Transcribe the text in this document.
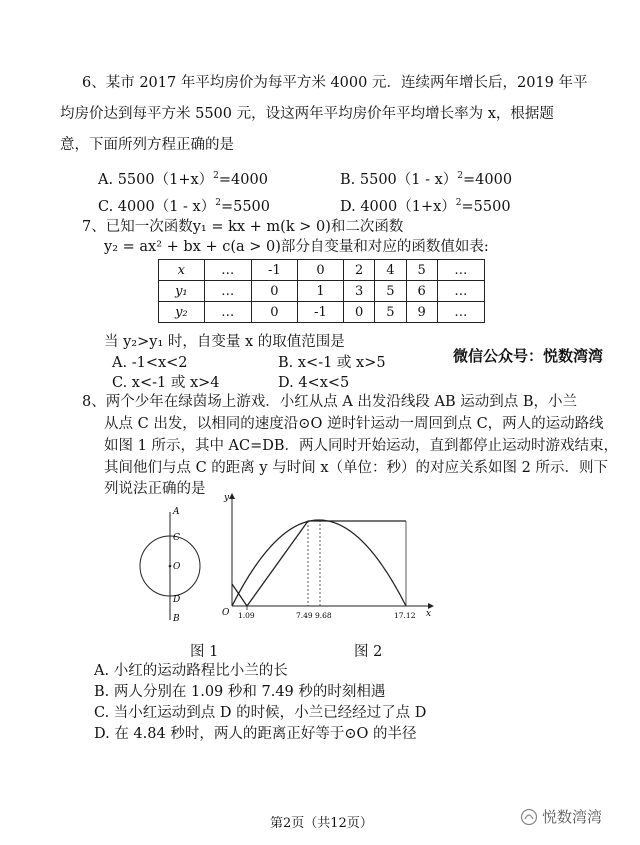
6、某市 2017 年平均房价为每平方米 4000 元．连续两年增长后，2019 年平
均房价达到每平方米 5500 元，设这两年平均房价年平均增长率为 x，根据题
意，下面所列方程正确的是
A. $5500(1+x)^2=4000$	B. 5500（1 - x）$^2$=4000
C. 4000（1 - x）$^2$=5500	D. $4000(1+x)^2=5500$
7、已知一次函数y₁ = kx + m(k > 0)和二次函数
y₂ = ax² + bx + c(a > 0)部分自变量和对应的函数值如表:
x	…	-1	0	2	4	5	…
y₁	…	0	1	3	5	6	…
y₂	…	0	-1	0	5	9	…
当 y₂>y₁ 时，自变量 x 的取值范围是
A. -1<x<2	B. x<-1 或 x>5
C. x<-1 或 x>4	D. 4<x<5
微信公众号：悦数湾湾
8、两个少年在绿茵场上游戏．小红从点 A 出发沿线段 AB 运动到点 B，小兰
从点 C 出发，以相同的速度沿⊙O 逆时针运动一周回到点 C，两人的运动路线
如图 1 所示，其中 AC=DB．两人同时开始运动，直到都停止运动时游戏结束，
其间他们与点 C 的距离 y 与时间 x（单位：秒）的对应关系如图 2 所示．则下
列说法正确的是
A
C
O
D
B
y
x
O 1.09	7.49 9.68	17.12
图 1	图 2
A. 小红的运动路程比小兰的长
B. 两人分别在 1.09 秒和 7.49 秒的时刻相遇
C. 当小红运动到点 D 的时候，小兰已经经过了点 D
D. 在 4.84 秒时，两人的距离正好等于⊙O 的半径
第2页（共12页）	悦数湾湾
